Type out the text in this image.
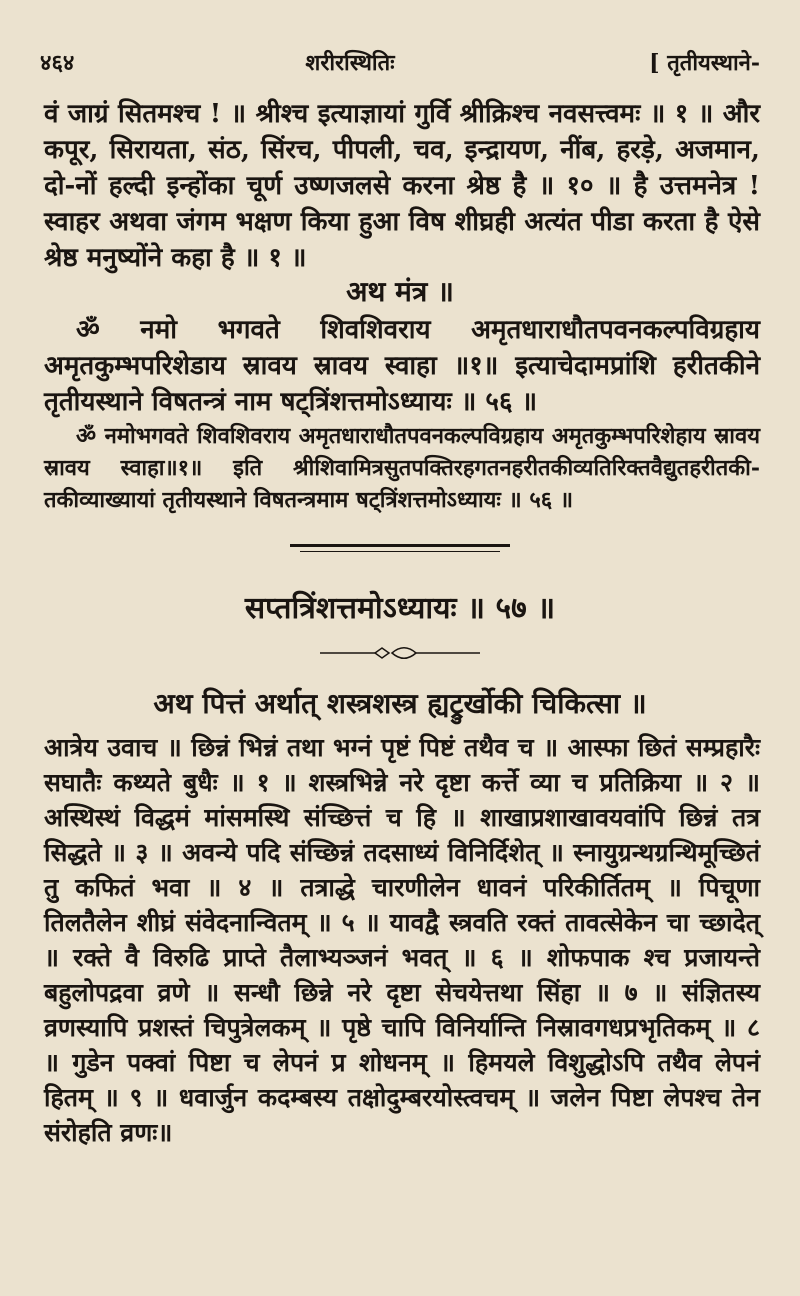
४६४	शरीरस्थितिः	[ तृतीयस्थाने-

वं जाग्रं सितमश्च ! ॥ श्रीश्च इत्याज्ञायां गुर्वि श्रीक्रिश्च नवसत्त्वमः ॥ १ ॥ और कपूर, सिरायता, संठ, सिंरच, पीपली, चव, इन्द्रायण, नींब, हरड़े, अजमान, दो-नों हल्दी इन्होंका चूर्ण उष्णजलसे करना श्रेष्ठ है ॥ १० ॥ है उत्तमनेत्र ! स्वाहर अथवा जंगम भक्षण किया हुआ विष शीघ्रही अत्यंत पीडा करता है ऐसे श्रेष्ठ मनुष्योंने कहा है ॥ १ ॥

अथ मंत्र ॥

ॐ नमो भगवते शिवशिवराय अमृतधाराधौतपवनकल्पविग्रहाय अमृतकुम्भपरिशेडाय स्रावय स्रावय स्वाहा ॥१॥ इत्याचेदामप्रांशि हरीतकीने तृतीयस्थाने विषतन्त्रं नाम षट्त्रिंशत्तमोऽध्यायः ॥ ५६ ॥

ॐ नमोभगवते शिवशिवराय अमृतधाराधौतपवनकल्पविग्रहाय अमृतकुम्भपरिशेहाय स्रावय स्रावय स्वाहा॥१॥ इति श्रीशिवामित्रसुतपक्तिरहगतनहरीतकीव्यतिरिक्तवैद्युतहरीतकी-तकीव्याख्यायां तृतीयस्थाने विषतन्त्रमाम षट्त्रिंशत्तमोऽध्यायः ॥ ५६ ॥

सप्तत्रिंशत्तमोऽध्यायः ॥ ५७ ॥
अथ पित्तं अर्थात् शस्त्रशस्त्र ह्यट्रुर्खोकी चिकित्सा ॥

आत्रेय उवाच ॥ छिन्नं भिन्नं तथा भग्नं पृष्टं पिष्टं तथैव च ॥ आस्फा छितं सम्प्रहारैः सघातैः कथ्यते बुधैः ॥ १ ॥ शस्त्रभिन्ने नरे दृष्टा कर्त्ते व्या च प्रतिक्रिया ॥ २ ॥ अस्थिस्थं विद्धमं मांसमस्थि संच्छित्तं च हि ॥ शाखाप्रशाखावयवांपि छिन्नं तत्र सिद्धते ॥ ३ ॥ अवन्ये पदि संच्छिन्नं तदसाध्यं विनिर्दिशेत् ॥ स्नायुग्रन्थग्रन्थिमूच्छितं तु कफितं भवा ॥ ४ ॥ तत्राद्धे चारणीलेन धावनं परिकीर्तितम् ॥ पिचूणा तिलतैलेन शीघ्रं संवेदनान्वितम् ॥ ५ ॥ यावद्वै स्त्रवति रक्तं तावत्सेकेन चा च्छादेत् ॥ रक्ते वै विरुढि प्राप्ते तैलाभ्यञ्जनं भवत् ॥ ६ ॥ शोफपाक श्च प्रजायन्ते बहुलोपद्रवा व्रणे ॥ सन्धौ छिन्ने नरे दृष्टा सेचयेत्तथा सिंहा ॥ ७ ॥ संज्ञितस्य व्रणस्यापि प्रशस्तं चिपुत्रेलकम् ॥ पृष्ठे चापि विनिर्यान्ति निस्रावगधप्रभृतिकम् ॥ ८ ॥ गुडेन पक्वां पिष्टा च लेपनं प्र शोधनम् ॥ हिमयले विशुद्धोऽपि तथैव लेपनं हितम् ॥ ९ ॥ धवार्जुन कदम्बस्य तक्षोदुम्बरयोस्त्वचम् ॥ जलेन पिष्टा लेपश्च तेन संरोहति व्रणः॥
